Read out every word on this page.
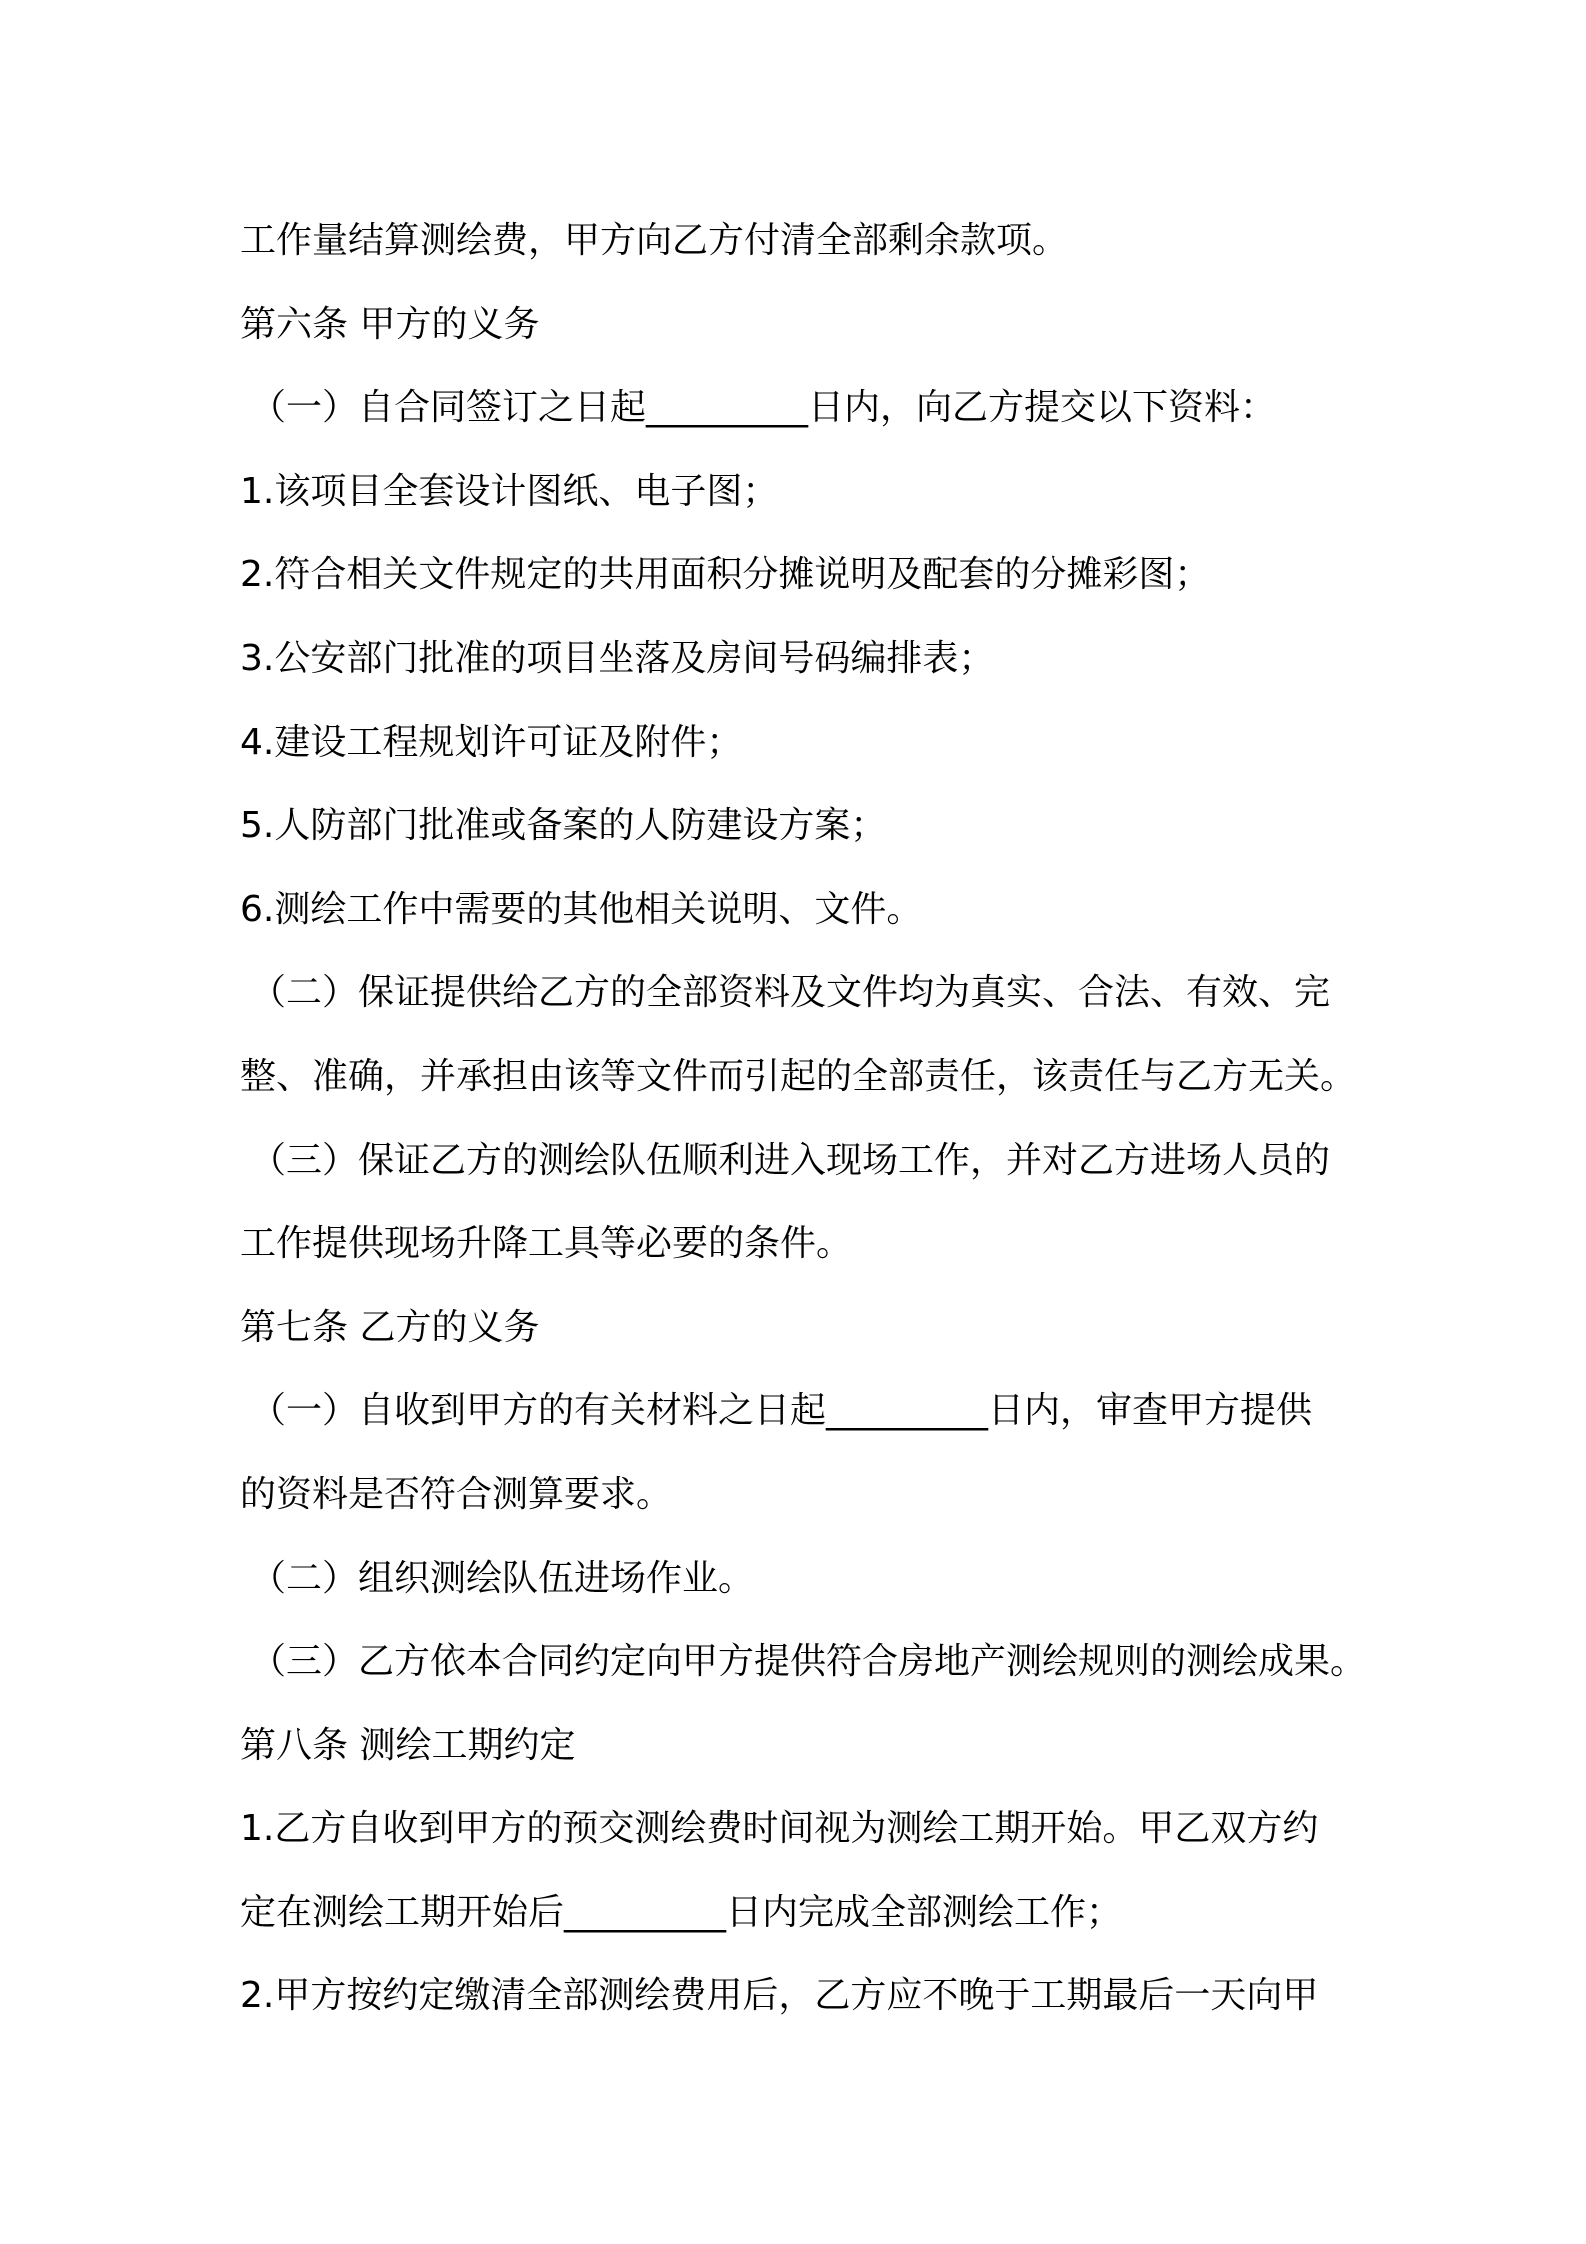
工作量结算测绘费，甲方向乙方付清全部剩余款项。

第六条 甲方的义务

（一）自合同签订之日起_________日内，向乙方提交以下资料：

1.该项目全套设计图纸、电子图；

2.符合相关文件规定的共用面积分摊说明及配套的分摊彩图；

3.公安部门批准的项目坐落及房间号码编排表；

4.建设工程规划许可证及附件；

5.人防部门批准或备案的人防建设方案；

6.测绘工作中需要的其他相关说明、文件。

（二）保证提供给乙方的全部资料及文件均为真实、合法、有效、完

整、准确，并承担由该等文件而引起的全部责任，该责任与乙方无关。

（三）保证乙方的测绘队伍顺利进入现场工作，并对乙方进场人员的

工作提供现场升降工具等必要的条件。

第七条 乙方的义务

（一）自收到甲方的有关材料之日起_________日内，审查甲方提供

的资料是否符合测算要求。

（二）组织测绘队伍进场作业。

（三）乙方依本合同约定向甲方提供符合房地产测绘规则的测绘成果。

第八条 测绘工期约定

1.乙方自收到甲方的预交测绘费时间视为测绘工期开始。甲乙双方约

定在测绘工期开始后_________日内完成全部测绘工作；

2.甲方按约定缴清全部测绘费用后，乙方应不晚于工期最后一天向甲
